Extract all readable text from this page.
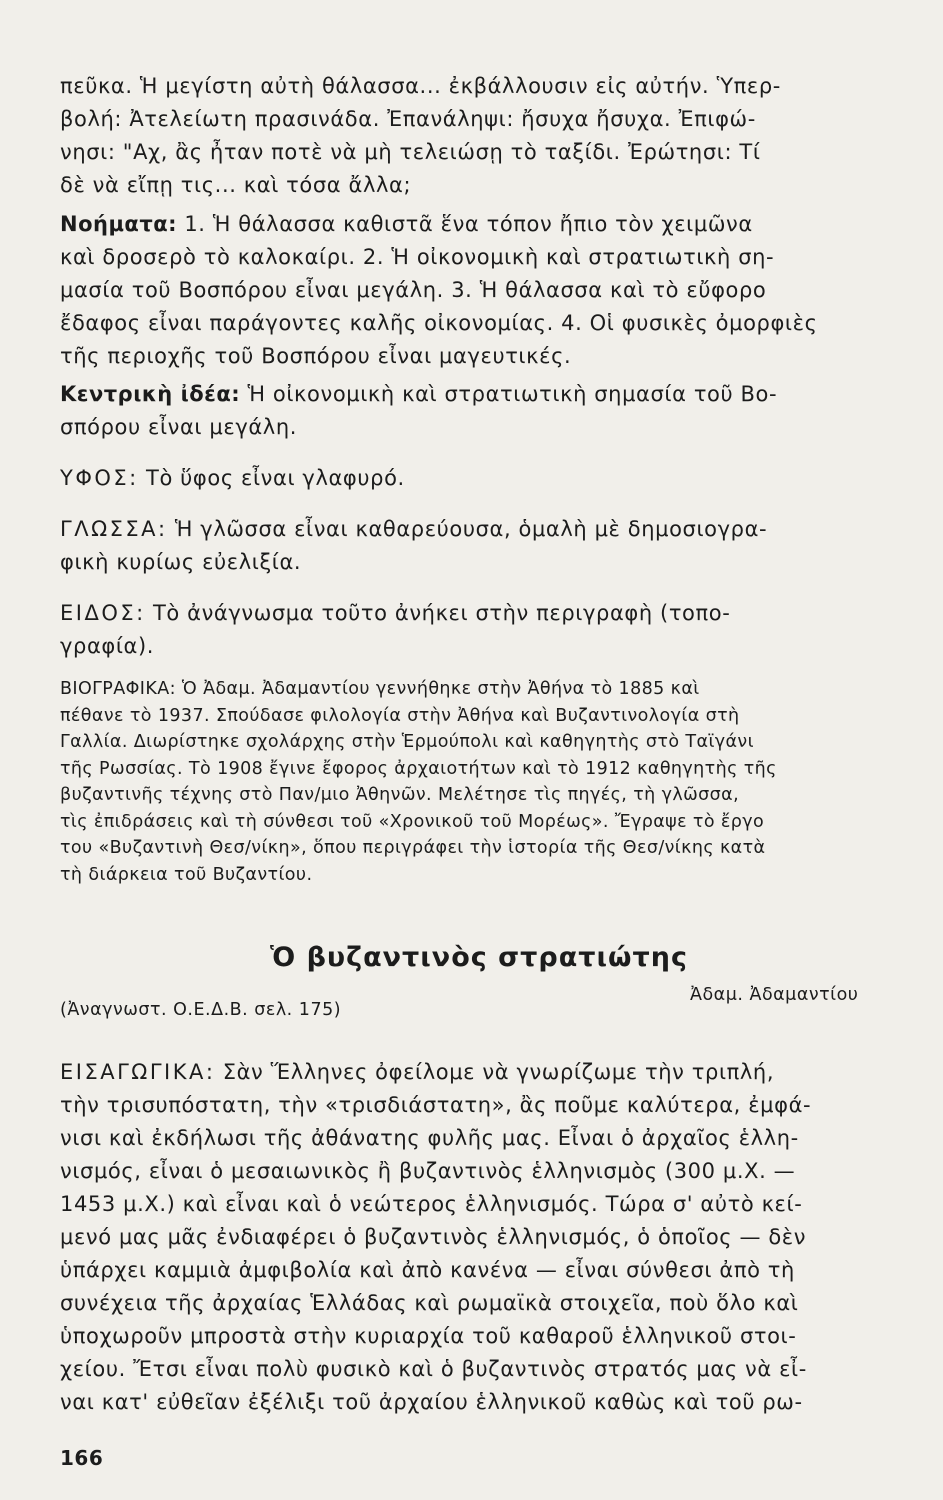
πεῦκα. Ἡ μεγίστη αὐτὴ θάλασσα... ἐκβάλλουσιν εἰς αὐτήν. Ὑπερ-
βολή: Ἀτελείωτη πρασινάδα. Ἐπανάληψι: ἤσυχα ἤσυχα. Ἐπιφώ-
νησι: "Αχ, ἂς ἦταν ποτὲ νὰ μὴ τελειώσῃ τὸ ταξίδι. Ἐρώτησι: Τί
δὲ νὰ εἴπῃ τις... καὶ τόσα ἄλλα;
Νοήματα: 1. Ἡ θάλασσα καθιστᾶ ἕνα τόπον ἤπιο τὸν χειμῶνα
καὶ δροσερὸ τὸ καλοκαίρι. 2. Ἡ οἰκονομικὴ καὶ στρατιωτικὴ ση-
μασία τοῦ Βοσπόρου εἶναι μεγάλη. 3. Ἡ θάλασσα καὶ τὸ εὔφορο
ἔδαφος εἶναι παράγοντες καλῆς οἰκονομίας. 4. Οἱ φυσικὲς ὀμορφιὲς
τῆς περιοχῆς τοῦ Βοσπόρου εἶναι μαγευτικές.
Κεντρικὴ ἰδέα: Ἡ οἰκονομικὴ καὶ στρατιωτικὴ σημασία τοῦ Βο-
σπόρου εἶναι μεγάλη.
ΥΦΟΣ: Τὸ ὕφος εἶναι γλαφυρό.
ΓΛΩΣΣΑ: Ἡ γλῶσσα εἶναι καθαρεύουσα, ὁμαλὴ μὲ δημοσιογρα-
φικὴ κυρίως εὐελιξία.
ΕΙΔΟΣ: Τὸ ἀνάγνωσμα τοῦτο ἀνήκει στὴν περιγραφὴ (τοπο-
γραφία).
ΒΙΟΓΡΑΦΙΚΑ: Ὁ Ἀδαμ. Ἀδαμαντίου γεννήθηκε στὴν Ἀθήνα τὸ 1885 καὶ
πέθανε τὸ 1937. Σπούδασε φιλολογία στὴν Ἀθήνα καὶ Βυζαντινολογία στὴ
Γαλλία. Διωρίστηκε σχολάρχης στὴν Ἑρμούπολι καὶ καθηγητὴς στὸ Ταϊγάνι
τῆς Ρωσσίας. Τὸ 1908 ἔγινε ἔφορος ἀρχαιοτήτων καὶ τὸ 1912 καθηγητὴς τῆς
βυζαντινῆς τέχνης στὸ Παν/μιο Ἀθηνῶν. Μελέτησε τὶς πηγές, τὴ γλῶσσα,
τὶς ἐπιδράσεις καὶ τὴ σύνθεσι τοῦ «Χρονικοῦ τοῦ Μορέως». Ἔγραψε τὸ ἔργο
του «Βυζαντινὴ Θεσ/νίκη», ὅπου περιγράφει τὴν ἱστορία τῆς Θεσ/νίκης κατὰ
τὴ διάρκεια τοῦ Βυζαντίου.
Ὁ βυζαντινὸς στρατιώτης
Ἀδαμ. Ἀδαμαντίου
(Ἀναγνωστ. Ο.Ε.Δ.Β. σελ. 175)
ΕΙΣΑΓΩΓΙΚΑ: Σὰν Ἕλληνες ὀφείλομε νὰ γνωρίζωμε τὴν τριπλή,
τὴν τρισυπόστατη, τὴν «τρισδιάστατη», ἂς ποῦμε καλύτερα, ἐμφά-
νισι καὶ ἐκδήλωσι τῆς ἀθάνατης φυλῆς μας. Εἶναι ὁ ἀρχαῖος ἑλλη-
νισμός, εἶναι ὁ μεσαιωνικὸς ἢ βυζαντινὸς ἑλληνισμὸς (300 μ.Χ. —
1453 μ.Χ.) καὶ εἶναι καὶ ὁ νεώτερος ἑλληνισμός. Τώρα σ' αὐτὸ κεί-
μενό μας μᾶς ἐνδιαφέρει ὁ βυζαντινὸς ἑλληνισμός, ὁ ὁποῖος — δὲν
ὑπάρχει καμμιὰ ἀμφιβολία καὶ ἀπὸ κανένα — εἶναι σύνθεσι ἀπὸ τὴ
συνέχεια τῆς ἀρχαίας Ἑλλάδας καὶ ρωμαϊκὰ στοιχεῖα, ποὺ ὅλο καὶ
ὑποχωροῦν μπροστὰ στὴν κυριαρχία τοῦ καθαροῦ ἑλληνικοῦ στοι-
χείου. Ἔτσι εἶναι πολὺ φυσικὸ καὶ ὁ βυζαντινὸς στρατός μας νὰ εἶ-
ναι κατ' εὐθεῖαν ἐξέλιξι τοῦ ἀρχαίου ἑλληνικοῦ καθὼς καὶ τοῦ ρω-
166
